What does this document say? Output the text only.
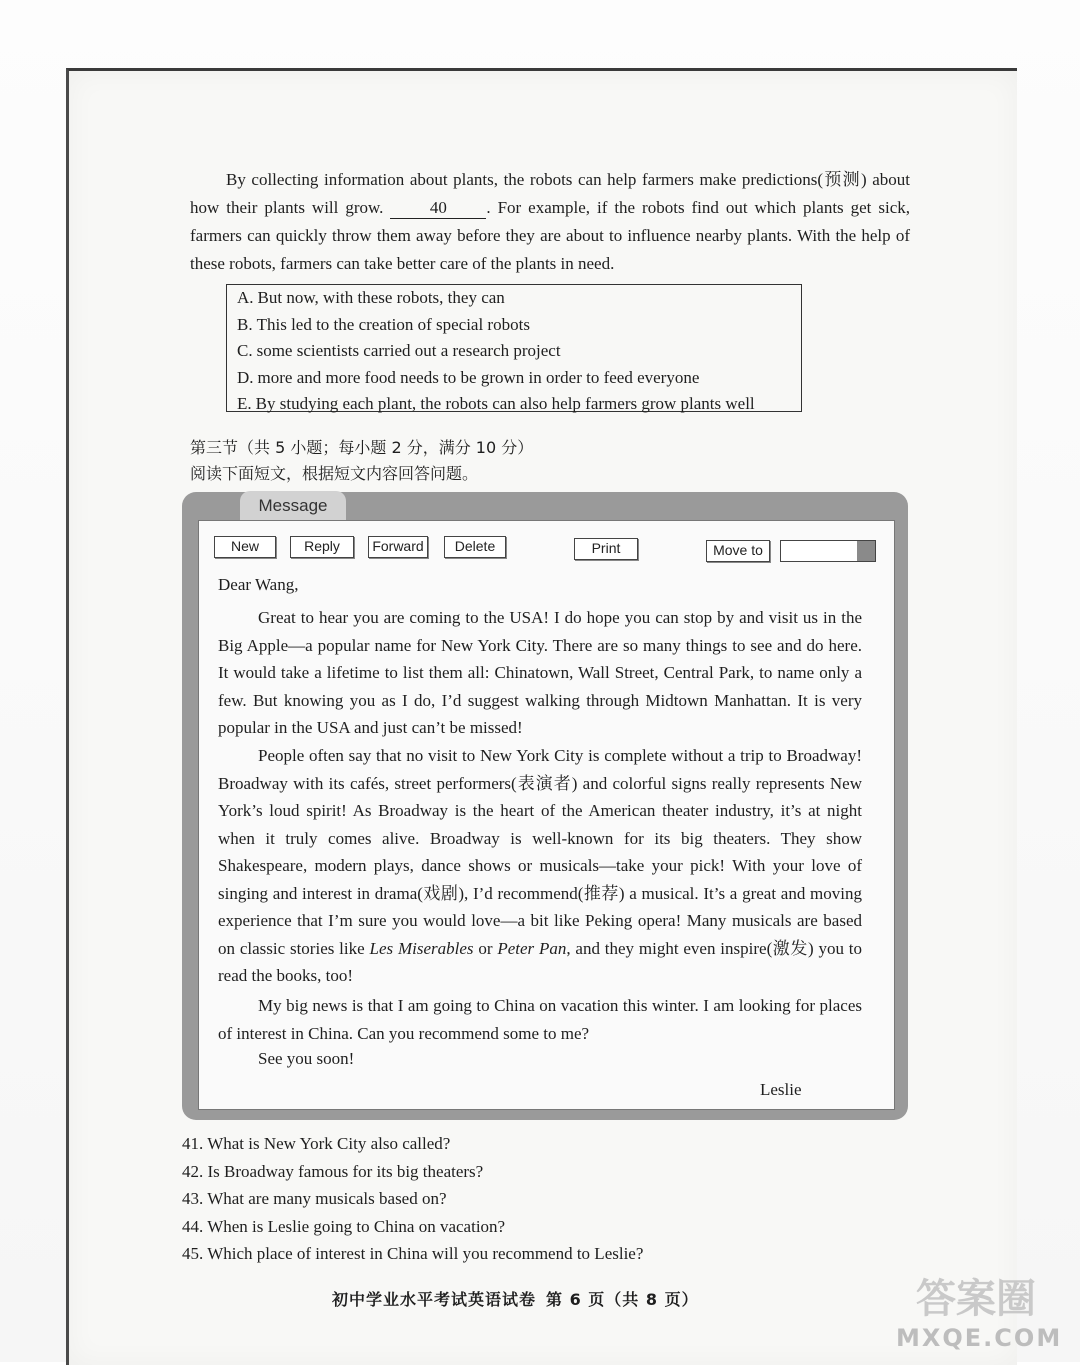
By collecting information about plants, the robots can help farmers make predictions(预测) about how their plants will grow.	40 . For example, if the robots find out which plants get sick, farmers can quickly throw them away before they are about to influence nearby plants. With the help of these robots, farmers can take better care of the plants in need.

A. But now, with these robots, they can
B. This led to the creation of special robots
C. some scientists carried out a research project
D. more and more food needs to be grown in order to feed everyone
E. By studying each plant, the robots can also help farmers grow plants well

第三节（共 5 小题；每小题 2 分，满分 10 分）

阅读下面短文，根据短文内容回答问题。

Message
New	Reply	Forward	Delete	Print	Move to

Dear Wang,

Great to hear you are coming to the USA! I do hope you can stop by and visit us in the Big Apple—a popular name for New York City. There are so many things to see and do here. It would take a lifetime to list them all: Chinatown, Wall Street, Central Park, to name only a few. But knowing you as I do, I’d suggest walking through Midtown Manhattan. It is very popular in the USA and just can’t be missed!

People often say that no visit to New York City is complete without a trip to Broadway! Broadway with its cafés, street performers(表演者) and colorful signs really represents New York’s loud spirit! As Broadway is the heart of the American theater industry, it’s at night when it truly comes alive. Broadway is well-known for its big theaters. They show Shakespeare, modern plays, dance shows or musicals—take your pick! With your love of singing and interest in drama(戏剧), I’d recommend(推荐) a musical. It’s a great and moving experience that I’m sure you would love—a bit like Peking opera! Many musicals are based on classic stories like Les Miserables or Peter Pan, and they might even inspire(激发) you to read the books, too!

My big news is that I am going to China on vacation this winter. I am looking for places of interest in China. Can you recommend some to me?

See you soon!

Leslie
41. What is New York City also called?
42. Is Broadway famous for its big theaters?
43. What are many musicals based on?
44. When is Leslie going to China on vacation?
45. Which place of interest in China will you recommend to Leslie?
初中学业水平考试英语试卷 第 6 页（共 8 页）	答案圈
MXQE.COM
